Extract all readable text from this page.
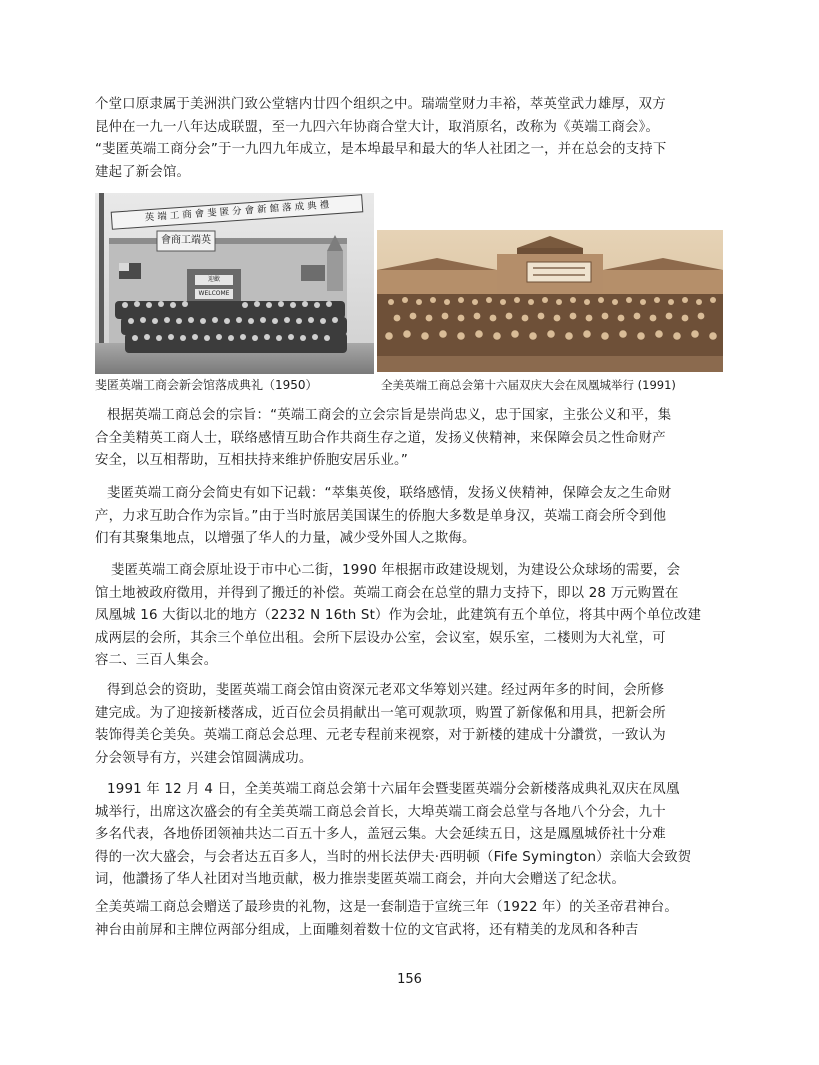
个堂口原隶属于美洲洪门致公堂辖内廿四个组织之中。瑞端堂财力丰裕，萃英堂武力雄厚，双方
昆仲在一九一八年达成联盟，至一九四六年协商合堂大计，取消原名，改称为《英端工商会》。
“斐匿英端工商分会”于一九四九年成立，是本埠最早和最大的华人社团之一，并在总会的支持下
建起了新会馆。
英 端 工 商 會 斐 匿 分 會 新 館 落 成 典 禮
會商工端英
迎歡
WELCOME
斐匿英端工商会新会馆落成典礼（1950）	全美英端工商总会第十六届双庆大会在凤凰城举行 (1991)
根据英端工商总会的宗旨：“英端工商会的立会宗旨是崇尚忠义，忠于国家，主张公义和平，集
合全美精英工商人士，联络感情互助合作共商生存之道，发扬义侠精神，来保障会员之性命财产
安全，以互相帮助，互相扶持来维护侨胞安居乐业。”
斐匿英端工商分会简史有如下记载：“萃集英俊，联络感情，发扬义侠精神，保障会友之生命财
产，力求互助合作为宗旨。”由于当时旅居美国谋生的侨胞大多数是单身汉，英端工商会所令到他
们有其聚集地点，以增强了华人的力量，减少受外国人之欺侮。
斐匿英端工商会原址设于市中心二街，1990 年根据市政建设规划，为建设公众球场的需要，会
馆土地被政府徵用，并得到了搬迁的补偿。英端工商会在总堂的鼎力支持下，即以 28 万元购置在
凤凰城 16 大街以北的地方（2232 N 16th St）作为会址，此建筑有五个单位，将其中两个单位改建
成两层的会所，其余三个单位出租。会所下层设办公室，会议室，娱乐室，二楼则为大礼堂，可
容二、三百人集会。
得到总会的资助，斐匿英端工商会馆由资深元老邓文华筹划兴建。经过两年多的时间，会所修
建完成。为了迎接新楼落成，近百位会员捐献出一笔可观款项，购置了新傢俬和用具，把新会所
装饰得美仑美奂。英端工商总会总理、元老专程前来视察，对于新楼的建成十分讚赏，一致认为
分会领导有方，兴建会馆圆满成功。
1991 年 12 月 4 日，全美英端工商总会第十六届年会暨斐匿英端分会新楼落成典礼双庆在凤凰
城举行，出席这次盛会的有全美英端工商总会首长，大埠英端工商会总堂与各地八个分会，九十
多名代表，各地侨团领袖共达二百五十多人，盖冠云集。大会延续五日，这是鳳凰城侨社十分难
得的一次大盛会，与会者达五百多人，当时的州长法伊夫·西明顿（Fife Symington）亲临大会致贺
词，他讚扬了华人社团对当地贡献，极力推崇斐匿英端工商会，并向大会赠送了纪念状。
全美英端工商总会赠送了最珍贵的礼物，这是一套制造于宣统三年（1922 年）的关圣帝君神台。
神台由前屏和主牌位两部分组成，上面雕刻着数十位的文官武将，还有精美的龙凤和各种吉
156
